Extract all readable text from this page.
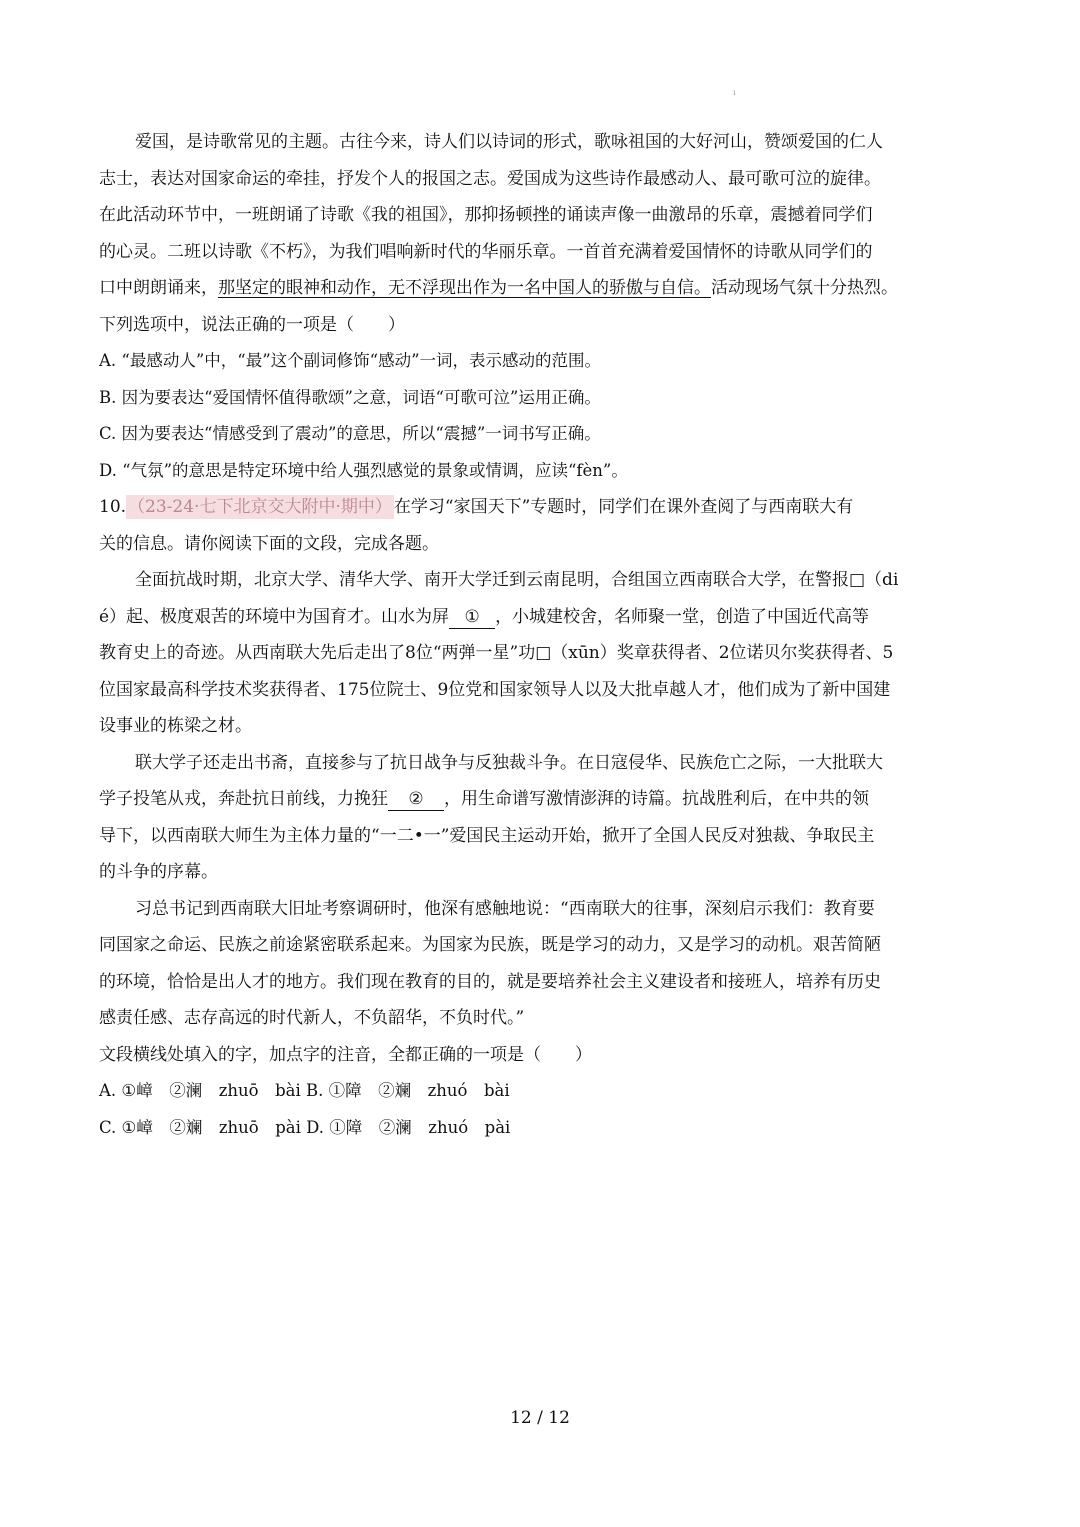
ı
爱国，是诗歌常见的主题。古往今来，诗人们以诗词的形式，歌咏祖国的大好河山，赞颂爱国的仁人
志士，表达对国家命运的牵挂，抒发个人的报国之志。爱国成为这些诗作最感动人、最可歌可泣的旋律。
在此活动环节中，一班朗诵了诗歌《我的祖国》，那抑扬顿挫的诵读声像一曲激昂的乐章，震撼着同学们
的心灵。二班以诗歌《不朽》，为我们唱响新时代的华丽乐章。一首首充满着爱国情怀的诗歌从同学们的
口中朗朗诵来，那坚定的眼神和动作，无不浮现出作为一名中国人的骄傲与自信。活动现场气氛十分热烈。
下列选项中，说法正确的一项是（　　）
A. “最感动人”中，“最”这个副词修饰“感动”一词，表示感动的范围。
B. 因为要表达“爱国情怀值得歌颂”之意，词语“可歌可泣”运用正确。
C. 因为要表达“情感受到了震动”的意思，所以“震撼”一词书写正确。
D. “气氛”的意思是特定环境中给人强烈感觉的景象或情调，应读“fèn”。
10. （23-24·七下北京交大附中·期中） 在学习“家国天下”专题时，同学们在课外查阅了与西南联大有
关的信息。请你阅读下面的文段，完成各题。
全面抗战时期，北京大学、清华大学、南开大学迁到云南昆明，合组国立西南联合大学，在警报□（di
é）起、极度艰苦的环境中为国育才。山水为屏 ① ，小城建校舍，名师聚一堂，创造了中国近代高等
教育史上的奇迹。从西南联大先后走出了8位“两弹一星”功□（xūn）奖章获得者、2位诺贝尔奖获得者、5
位国家最高科学技术奖获得者、175位院士、9位党和国家领导人以及大批卓越人才，他们成为了新中国建
设事业的栋梁之材。
联大学子还走出书斋，直接参与了抗日战争与反独裁斗争。在日寇侵华、民族危亡之际，一大批联大
学子投笔从戎，奔赴抗日前线，力挽狂 ② ，用生命谱写激情澎湃的诗篇。抗战胜利后，在中共的领
导下，以西南联大师生为主体力量的“一二•一”爱国民主运动开始，掀开了全国人民反对独裁、争取民主
的斗争的序幕。
习总书记到西南联大旧址考察调研时，他深有感触地说：“西南联大的往事，深刻启示我们：教育要
同国家之命运、民族之前途紧密联系起来。为国家为民族，既是学习的动力，又是学习的动机。艰苦简陋
的环境，恰恰是出人才的地方。我们现在教育的目的，就是要培养社会主义建设者和接班人，培养有历史
感责任感、志存高远的时代新人，不负韶华，不负时代。”
文段横线处填入的字，加点字的注音，全都正确的一项是（　　）
A. ①嶂　②澜　zhuō　bài B. ①障　②斓　zhuó　bài
C. ①嶂　②斓　zhuō　pài D. ①障　②澜　zhuó　pài
12 / 12
